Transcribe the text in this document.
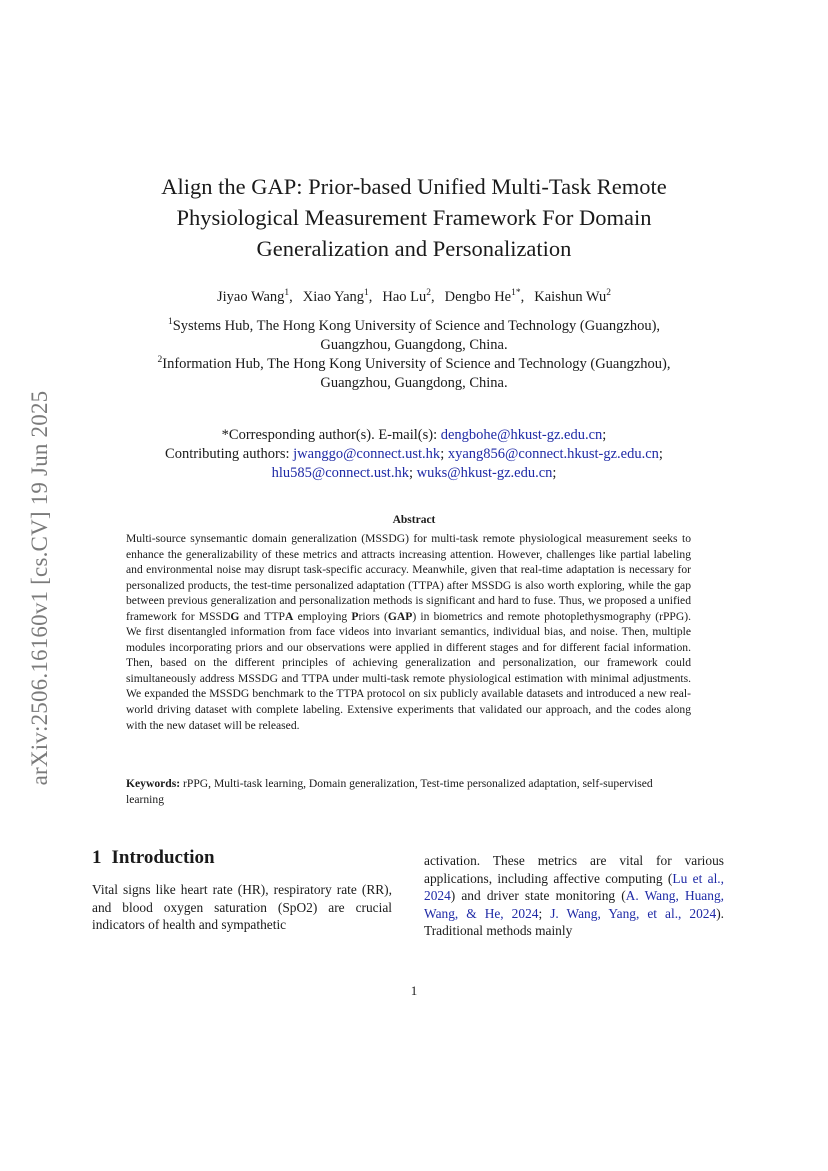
arXiv:2506.16160v1 [cs.CV] 19 Jun 2025
Align the GAP: Prior-based Unified Multi-Task Remote
Physiological Measurement Framework For Domain
Generalization and Personalization
Jiyao Wang$^1$, Xiao Yang$^1$, Hao Lu$^2$, Dengbo $He^{1*}$, Kaishun Wu$^2$
$^1$Systems Hub, The Hong Kong University of Science and Technology (Guangzhou),
Guangzhou, Guangdong, China.
$^2$Information Hub, The Hong Kong University of Science and Technology (Guangzhou),
Guangzhou, Guangdong, China.
*Corresponding author(s). E-mail(s): dengbohe@hkust-gz.edu.cn;
Contributing authors: jwanggo@connect.ust.hk; xyang856@connect.hkust-gz.edu.cn;
hlu585@connect.ust.hk; wuks@hkust-gz.edu.cn;
Abstract
Multi-source synsemantic domain generalization (MSSDG) for multi-task remote physiological measurement seeks to enhance the generalizability of these metrics and attracts increasing attention. However, challenges like partial labeling and environmental noise may disrupt task-specific accuracy. Meanwhile, given that real-time adaptation is necessary for personalized products, the test-time personalized adaptation (TTPA) after MSSDG is also worth exploring, while the gap between previous generalization and personalization methods is significant and hard to fuse. Thus, we proposed a unified framework for MSSDG and TTPA employing Priors (GAP) in biometrics and remote photoplethysmography (rPPG). We first disentangled information from face videos into invariant semantics, individual bias, and noise. Then, multiple modules incorporating priors and our observations were applied in different stages and for different facial information. Then, based on the different principles of achieving generalization and personalization, our framework could simultaneously address MSSDG and TTPA under multi-task remote physiological estimation with minimal adjustments. We expanded the MSSDG benchmark to the TTPA protocol on six publicly available datasets and introduced a new real-world driving dataset with complete labeling. Extensive experiments that validated our approach, and the codes along with the new dataset will be released.
Keywords: rPPG, Multi-task learning, Domain generalization, Test-time personalized adaptation, self-supervised learning
1 Introduction
Vital signs like heart rate (HR), respiratory rate (RR), and blood oxygen saturation (SpO2) are crucial indicators of health and sympathetic
activation. These metrics are vital for various applications, including affective computing (Lu et al., 2024) and driver state monitoring (A. Wang, Huang, Wang, & He, 2024; J. Wang, Yang, et al., 2024). Traditional methods mainly
1
